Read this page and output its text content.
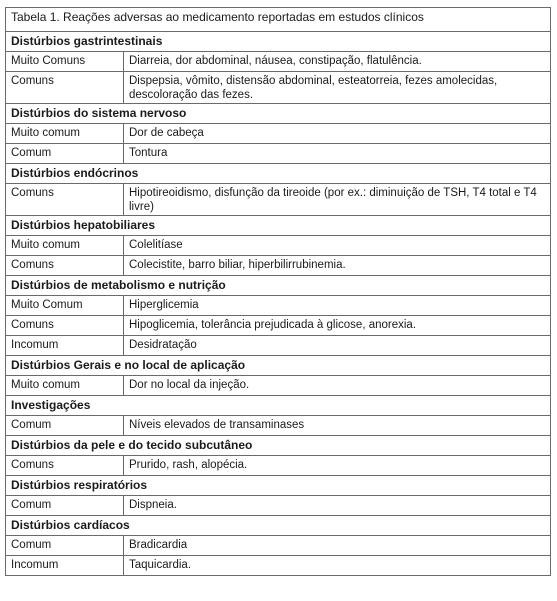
Tabela 1. Reações adversas ao medicamento reportadas em estudos clínicos	
Distúrbios gastrintestinais	
Muito Comuns	Diarreia, dor abdominal, náusea, constipação, flatulência.
Comuns	Dispepsia, vômito, distensão abdominal, esteatorreia, fezes amolecidas, descoloração das fezes.
Distúrbios do sistema nervoso	
Muito comum	Dor de cabeça
Comum	Tontura
Distúrbios endócrinos	
Comuns	Hipotireoidismo, disfunção da tireoide (por ex.: diminuição de TSH, T4 total e T4 livre)
Distúrbios hepatobiliares	
Muito comum	Colelitíase
Comuns	Colecistite, barro biliar, hiperbilirrubinemia.
Distúrbios de metabolismo e nutrição	
Muito Comum	Hiperglicemia
Comuns	Hipoglicemia, tolerância prejudicada à glicose, anorexia.
Incomum	Desidratação
Distúrbios Gerais e no local de aplicação	
Muito comum	Dor no local da injeção.
Investigações	
Comum	Níveis elevados de transaminases
Distúrbios da pele e do tecido subcutâneo	
Comuns	Prurido, rash, alopécia.
Distúrbios respiratórios	
Comum	Dispneia.
Distúrbios cardíacos	
Comum	Bradicardia
Incomum	Taquicardia.
